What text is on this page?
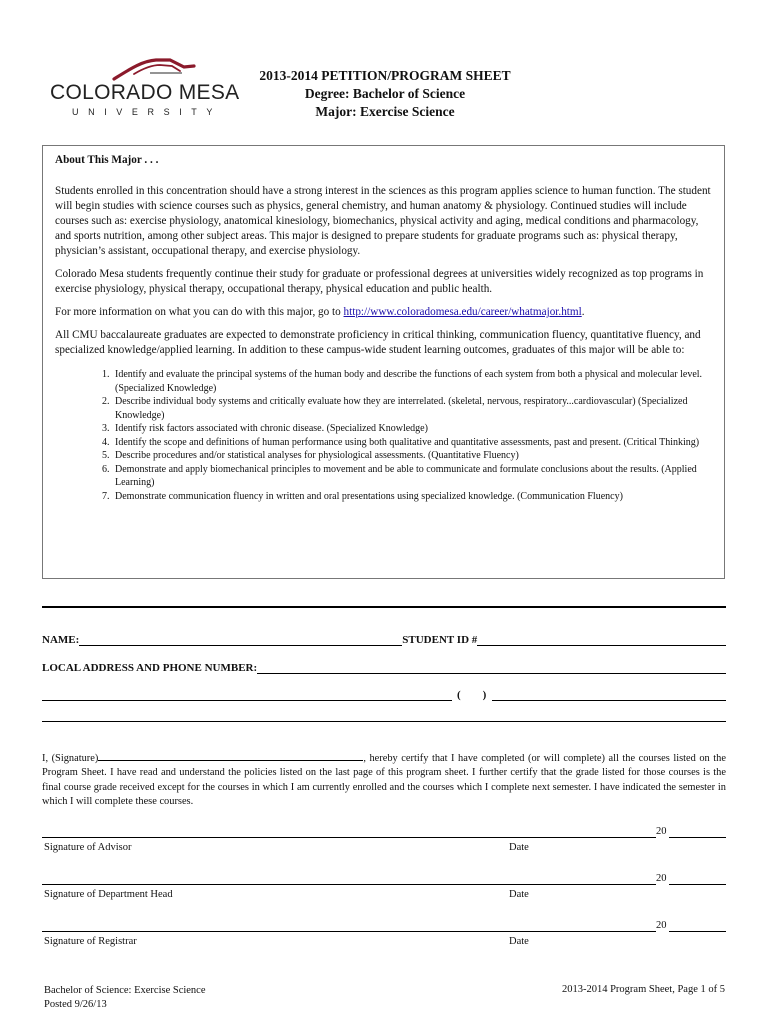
COLORADO MESA
UNIVERSITY
2013-2014 PETITION/PROGRAM SHEET
Degree: Bachelor of Science
Major: Exercise Science
About This Major . . .

Students enrolled in this concentration should have a strong interest in the sciences as this program applies science to human function. The student will begin studies with science courses such as physics, general chemistry, and human anatomy & physiology. Continued studies will include courses such as: exercise physiology, anatomical kinesiology, biomechanics, physical activity and aging, medical conditions and pharmacology, and sports nutrition, among other subject areas. This major is designed to prepare students for graduate programs such as: physical therapy, physician’s assistant, occupational therapy, and exercise physiology.

Colorado Mesa students frequently continue their study for graduate or professional degrees at universities widely recognized as top programs in exercise physiology, physical therapy, occupational therapy, physical education and public health.

For more information on what you can do with this major, go to http://www.coloradomesa.edu/career/whatmajor.html.

All CMU baccalaureate graduates are expected to demonstrate proficiency in critical thinking, communication fluency, quantitative fluency, and specialized knowledge/applied learning. In addition to these campus-wide student learning outcomes, graduates of this major will be able to:

1. Identify and evaluate the principal systems of the human body and describe the functions of each system from both a physical and molecular level. (Specialized Knowledge)
2. Describe individual body systems and critically evaluate how they are interrelated. (skeletal, nervous, respiratory...cardiovascular) (Specialized Knowledge)
3. Identify risk factors associated with chronic disease. (Specialized Knowledge)
4. Identify the scope and definitions of human performance using both qualitative and quantitative assessments, past and present. (Critical Thinking)
5. Describe procedures and/or statistical analyses for physiological assessments. (Quantitative Fluency)
6. Demonstrate and apply biomechanical principles to movement and be able to communicate and formulate conclusions about the results. (Applied Learning)
7. Demonstrate communication fluency in written and oral presentations using specialized knowledge. (Communication Fluency)
NAME:	STUDENT ID #
LOCAL ADDRESS AND PHONE NUMBER:
( )
I, (Signature)	, hereby certify that I have completed (or will complete) all the courses listed on the Program Sheet. I have read and understand the policies listed on the last page of this program sheet. I further certify that the grade listed for those courses is the final course grade received except for the courses in which I am currently enrolled and the courses which I complete next semester. I have indicated the semester in which I will complete these courses.
20
Signature of Advisor	Date
20
Signature of Department Head	Date
20
Signature of Registrar	Date
Bachelor of Science: Exercise Science
Posted 9/26/13
2013-2014 Program Sheet, Page 1 of 5
